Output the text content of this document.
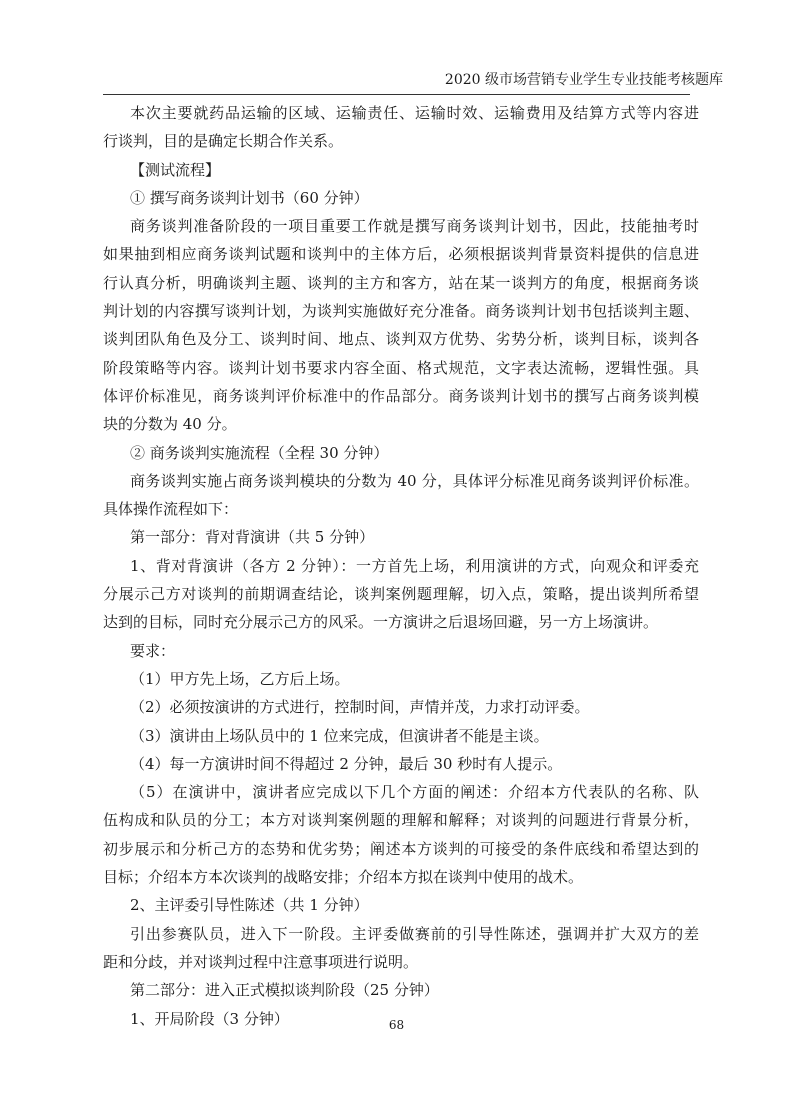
2020 级市场营销专业学生专业技能考核题库
本次主要就药品运输的区域、运输责任、运输时效、运输费用及结算方式等内容进
行谈判，目的是确定长期合作关系。
【测试流程】
① 撰写商务谈判计划书（60 分钟）
商务谈判准备阶段的一项目重要工作就是撰写商务谈判计划书，因此，技能抽考时
如果抽到相应商务谈判试题和谈判中的主体方后，必须根据谈判背景资料提供的信息进
行认真分析，明确谈判主题、谈判的主方和客方，站在某一谈判方的角度，根据商务谈
判计划的内容撰写谈判计划，为谈判实施做好充分准备。商务谈判计划书包括谈判主题、
谈判团队角色及分工、谈判时间、地点、谈判双方优势、劣势分析，谈判目标，谈判各
阶段策略等内容。谈判计划书要求内容全面、格式规范，文字表达流畅，逻辑性强。具
体评价标准见，商务谈判评价标准中的作品部分。商务谈判计划书的撰写占商务谈判模
块的分数为 40 分。
② 商务谈判实施流程（全程 30 分钟）
商务谈判实施占商务谈判模块的分数为 40 分，具体评分标准见商务谈判评价标准。
具体操作流程如下：
第一部分：背对背演讲（共 5 分钟）
1、背对背演讲（各方 2 分钟）：一方首先上场，利用演讲的方式，向观众和评委充
分展示己方对谈判的前期调查结论，谈判案例题理解，切入点，策略，提出谈判所希望
达到的目标，同时充分展示己方的风采。一方演讲之后退场回避，另一方上场演讲。
要求：
（1）甲方先上场，乙方后上场。
（2）必须按演讲的方式进行，控制时间，声情并茂，力求打动评委。
（3）演讲由上场队员中的 1 位来完成，但演讲者不能是主谈。
（4）每一方演讲时间不得超过 2 分钟，最后 30 秒时有人提示。
（5）在演讲中，演讲者应完成以下几个方面的阐述：介绍本方代表队的名称、队
伍构成和队员的分工；本方对谈判案例题的理解和解释；对谈判的问题进行背景分析，
初步展示和分析己方的态势和优劣势；阐述本方谈判的可接受的条件底线和希望达到的
目标；介绍本方本次谈判的战略安排；介绍本方拟在谈判中使用的战术。
2、主评委引导性陈述（共 1 分钟）
引出参赛队员，进入下一阶段。主评委做赛前的引导性陈述，强调并扩大双方的差
距和分歧，并对谈判过程中注意事项进行说明。
第二部分：进入正式模拟谈判阶段（25 分钟）
1、开局阶段（3 分钟）	68
